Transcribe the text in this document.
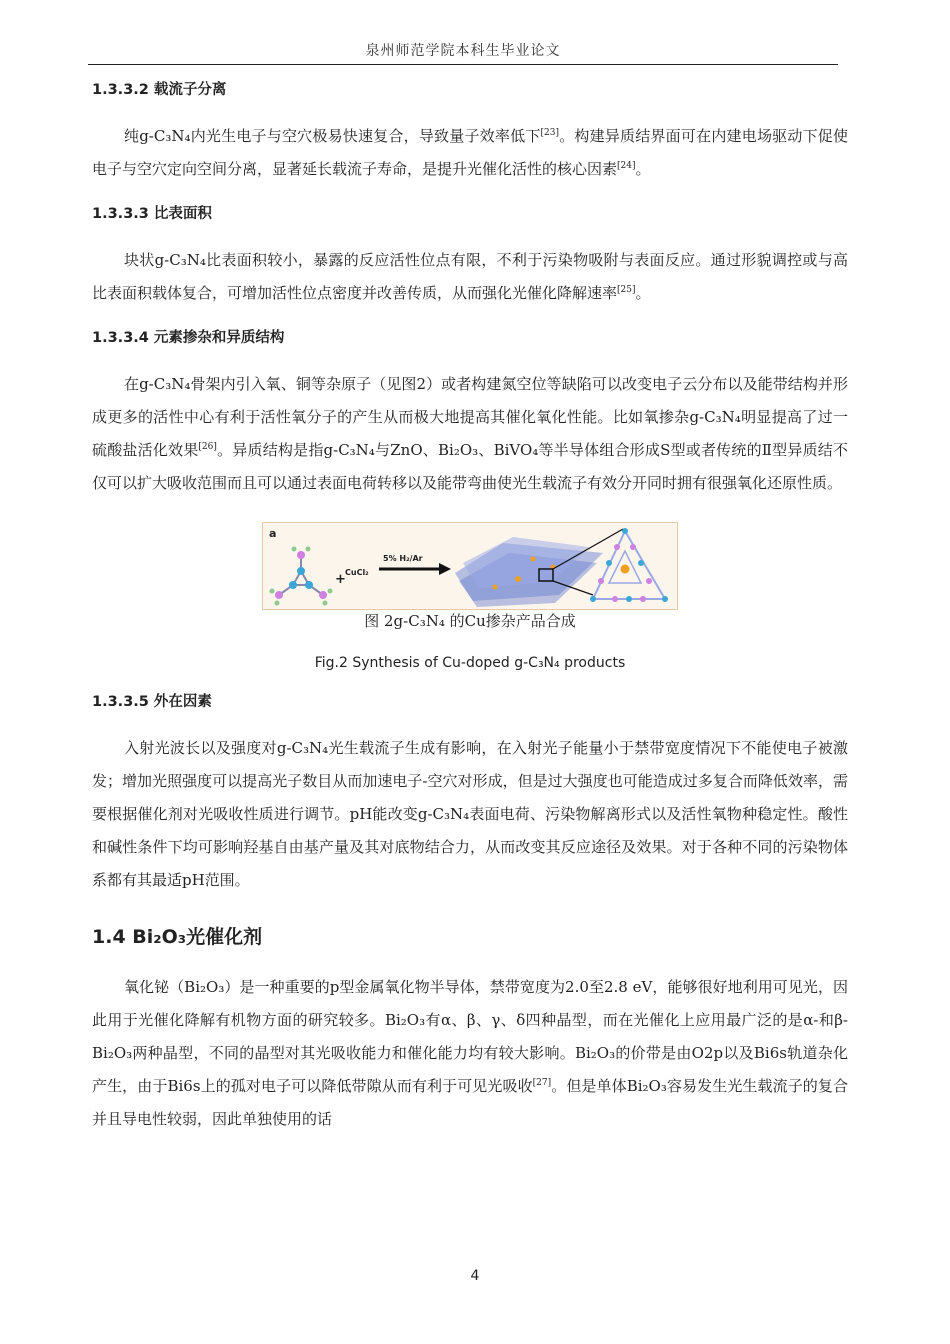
泉州师范学院本科生毕业论文

1.3.3.2 载流子分离

纯g-C₃N₄内光生电子与空穴极易快速复合，导致量子效率低下[23]。构建异质结界面可在内建电场驱动下促使电子与空穴定向空间分离，显著延长载流子寿命，是提升光催化活性的核心因素[24]。

1.3.3.3 比表面积

块状g-C₃N₄比表面积较小，暴露的反应活性位点有限，不利于污染物吸附与表面反应。通过形貌调控或与高比表面积载体复合，可增加活性位点密度并改善传质，从而强化光催化降解速率[25]。

1.3.3.4 元素掺杂和异质结构

在g-C₃N₄骨架内引入氧、铜等杂原子（见图2）或者构建氮空位等缺陷可以改变电子云分布以及能带结构并形成更多的活性中心有利于活性氧分子的产生从而极大地提高其催化氧化性能。比如氧掺杂g-C₃N₄明显提高了过一硫酸盐活化效果[26]。异质结构是指g-C₃N₄与ZnO、Bi₂O₃、BiVO₄等半导体组合形成S型或者传统的Ⅱ型异质结不仅可以扩大吸收范围而且可以通过表面电荷转移以及能带弯曲使光生载流子有效分开同时拥有很强氧化还原性质。

a
+ CuCl₂
5% H₂/Ar
图 2g-C₃N₄ 的Cu掺杂产品合成
Fig.2 Synthesis of Cu-doped g-C₃N₄ products

1.3.3.5 外在因素

入射光波长以及强度对g-C₃N₄光生载流子生成有影响，在入射光子能量小于禁带宽度情况下不能使电子被激发；增加光照强度可以提高光子数目从而加速电子-空穴对形成，但是过大强度也可能造成过多复合而降低效率，需要根据催化剂对光吸收性质进行调节。pH能改变g-C₃N₄表面电荷、污染物解离形式以及活性氧物种稳定性。酸性和碱性条件下均可影响羟基自由基产量及其对底物结合力，从而改变其反应途径及效果。对于各种不同的污染物体系都有其最适pH范围。

1.4 Bi₂O₃光催化剂

氧化铋（Bi₂O₃）是一种重要的p型金属氧化物半导体，禁带宽度为2.0至2.8 eV，能够很好地利用可见光，因此用于光催化降解有机物方面的研究较多。Bi₂O₃有α、β、γ、δ四种晶型，而在光催化上应用最广泛的是α-和β-Bi₂O₃两种晶型，不同的晶型对其光吸收能力和催化能力均有较大影响。Bi₂O₃的价带是由O2p以及Bi6s轨道杂化产生，由于Bi6s上的孤对电子可以降低带隙从而有利于可见光吸收[27]。但是单体Bi₂O₃容易发生光生载流子的复合并且导电性较弱，因此单独使用的话

4
